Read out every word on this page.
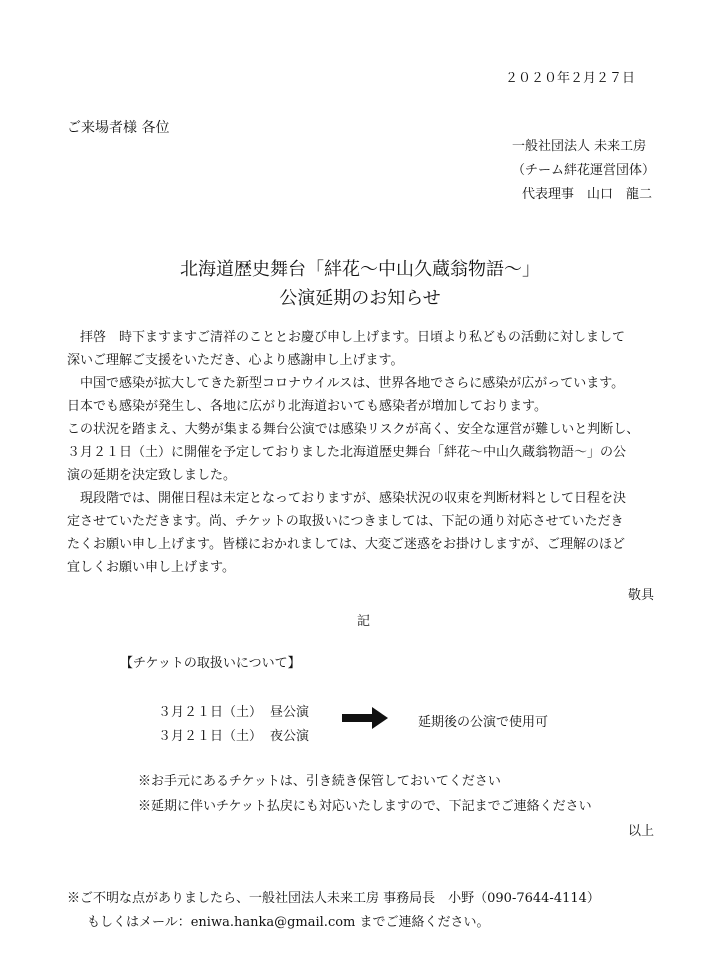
２０２０年２月２７日
ご来場者様 各位
一般社団法人 未来工房
（チーム絆花運営団体）
代表理事　山口　龍二
北海道歴史舞台「絆花～中山久蔵翁物語～」
公演延期のお知らせ
　拝啓　時下ますますご清祥のこととお慶び申し上げます。日頃より私どもの活動に対しまして
深いご理解ご支援をいただき、心より感謝申し上げます。
　中国で感染が拡大してきた新型コロナウイルスは、世界各地でさらに感染が広がっています。
日本でも感染が発生し、各地に広がり北海道おいても感染者が増加しております。
この状況を踏まえ、大勢が集まる舞台公演では感染リスクが高く、安全な運営が難しいと判断し、
３月２１日（土）に開催を予定しておりました北海道歴史舞台「絆花～中山久蔵翁物語～」の公
演の延期を決定致しました。
　現段階では、開催日程は未定となっておりますが、感染状況の収束を判断材料として日程を決
定させていただきます。尚、チケットの取扱いにつきましては、下記の通り対応させていただき
たくお願い申し上げます。皆様におかれましては、大変ご迷惑をお掛けしますが、ご理解のほど
宜しくお願い申し上げます。
敬具
記
【チケットの取扱いについて】
３月２１日（土） 昼公演
３月２１日（土） 夜公演
延期後の公演で使用可
※お手元にあるチケットは、引き続き保管しておいてください
※延期に伴いチケット払戻にも対応いたしますので、下記までご連絡ください
以上
※ご不明な点がありましたら、一般社団法人未来工房 事務局長　小野（090-7644-4114）
もしくはメール：eniwa.hanka@gmail.com までご連絡ください。
